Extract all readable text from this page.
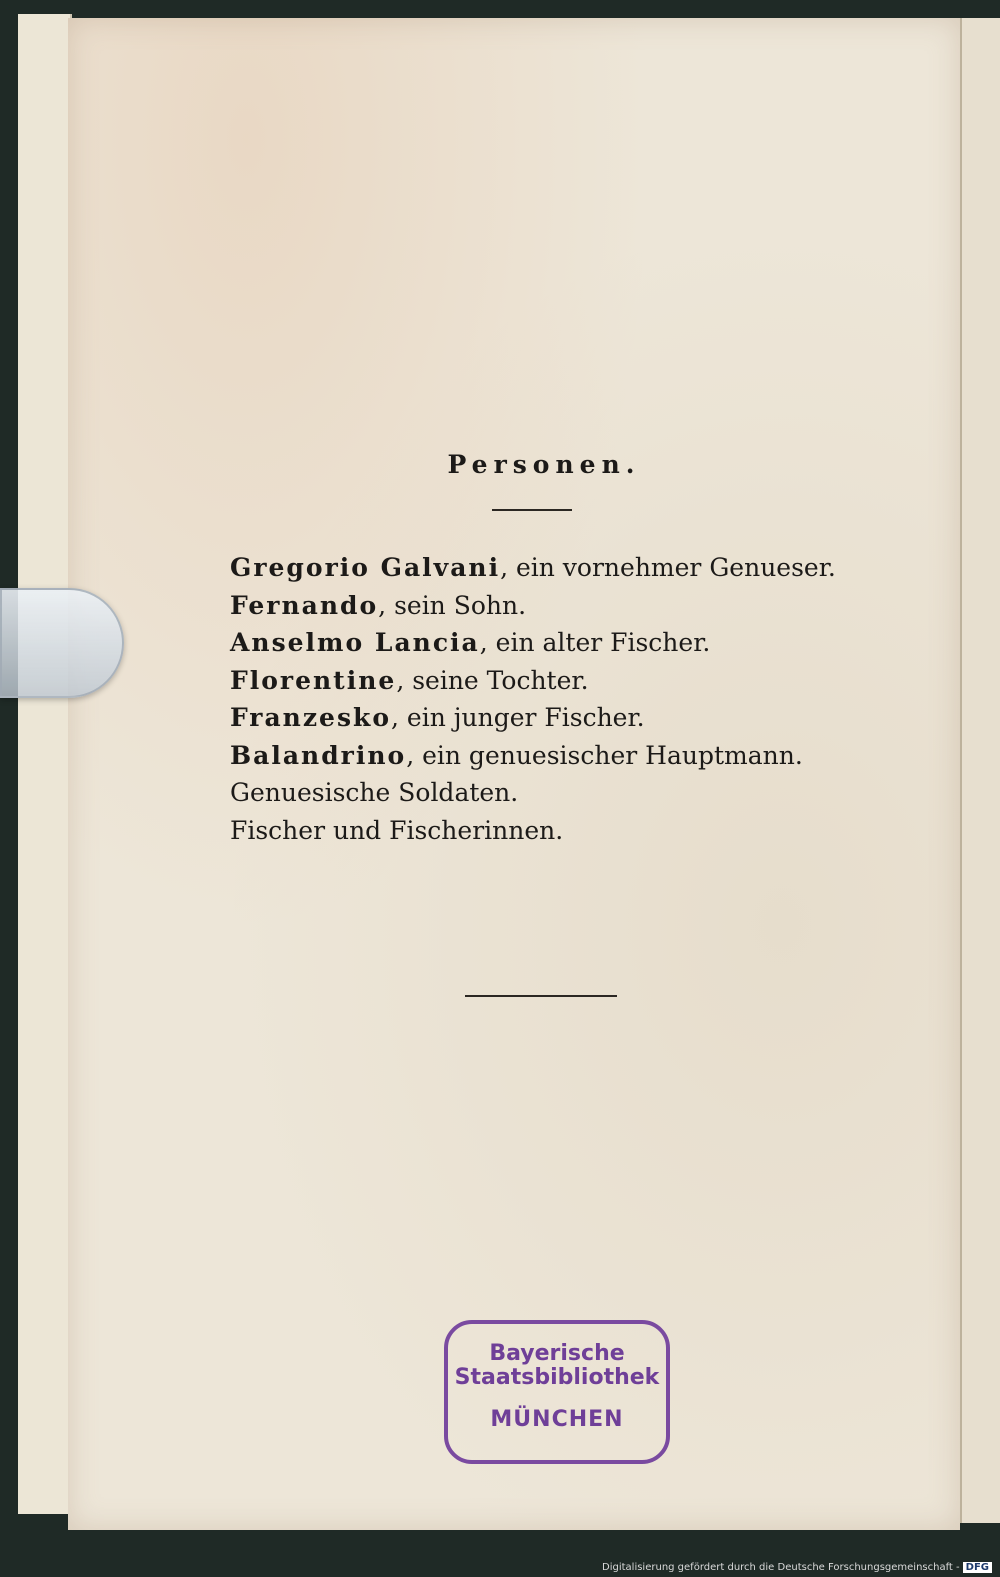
Personen.
Gregorio Galvani, ein vornehmer Genueser.
Fernando, sein Sohn.
Anselmo Lancia, ein alter Fischer.
Florentine, seine Tochter.
Franzesko, ein junger Fischer.
Balandrino, ein genuesischer Hauptmann.
Genuesische Soldaten.
Fischer und Fischerinnen.
Bayerische
Staatsbibliothek
MÜNCHEN
Digitalisierung gefördert durch die Deutsche Forschungsgemeinschaft - DFG
